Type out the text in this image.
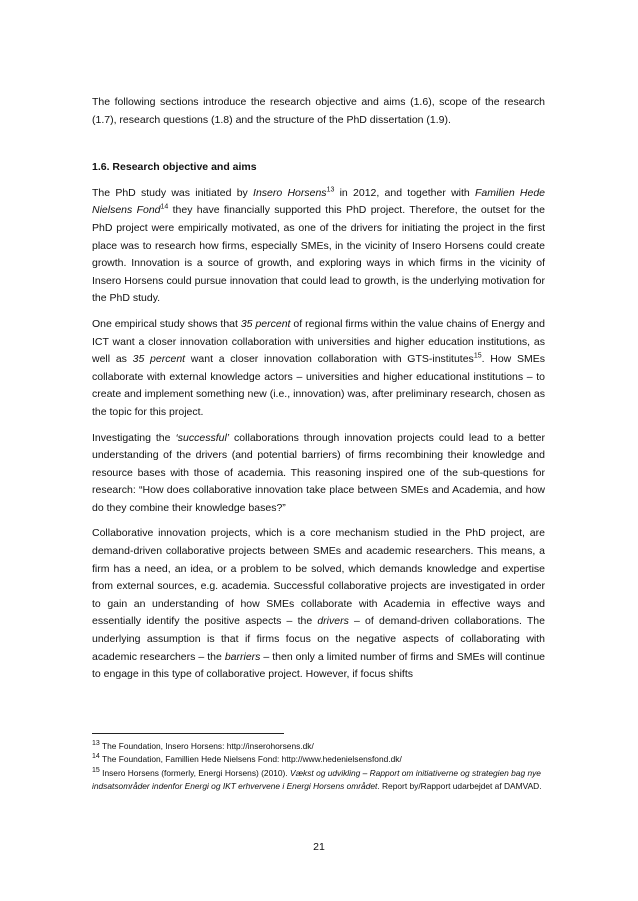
The following sections introduce the research objective and aims (1.6), scope of the research (1.7), research questions (1.8) and the structure of the PhD dissertation (1.9).

1.6. Research objective and aims

The PhD study was initiated by Insero Horsens$^{13}$ in 2012, and together with Familien Hede Nielsens Fond$^{14}$ they have financially supported this PhD project. Therefore, the outset for the PhD project were empirically motivated, as one of the drivers for initiating the project in the first place was to research how firms, especially SMEs, in the vicinity of Insero Horsens could create growth. Innovation is a source of growth, and exploring ways in which firms in the vicinity of Insero Horsens could pursue innovation that could lead to growth, is the underlying motivation for the PhD study.

One empirical study shows that 35 percent of regional firms within the value chains of Energy and ICT want a closer innovation collaboration with universities and higher education institutions, as well as 35 percent want a closer innovation collaboration with GTS-institutes$^{15}$. How SMEs collaborate with external knowledge actors – universities and higher educational institutions – to create and implement something new (i.e., innovation) was, after preliminary research, chosen as the topic for this project.

Investigating the ‘successful’ collaborations through innovation projects could lead to a better understanding of the drivers (and potential barriers) of firms recombining their knowledge and resource bases with those of academia. This reasoning inspired one of the sub-questions for research: “How does collaborative innovation take place between SMEs and Academia, and how do they combine their knowledge bases?”

Collaborative innovation projects, which is a core mechanism studied in the PhD project, are demand-driven collaborative projects between SMEs and academic researchers. This means, a firm has a need, an idea, or a problem to be solved, which demands knowledge and expertise from external sources, e.g. academia. Successful collaborative projects are investigated in order to gain an understanding of how SMEs collaborate with Academia in effective ways and essentially identify the positive aspects – the drivers – of demand-driven collaborations. The underlying assumption is that if firms focus on the negative aspects of collaborating with academic researchers – the barriers – then only a limited number of firms and SMEs will continue to engage in this type of collaborative project. However, if focus shifts

$^{13}$ The Foundation, Insero Horsens: http://inserohorsens.dk/
$^{14}$ The Foundation, Famillien Hede Nielsens Fond: http://www.hedenielsensfond.dk/
$^{15}$ Insero Horsens (formerly, Energi Horsens) (2010). Vækst og udvikling – Rapport om initiativerne og strategien bag nye indsatsområder indenfor Energi og IKT erhvervene i Energi Horsens området. Report by/Rapport udarbejdet af DAMVAD.
21
